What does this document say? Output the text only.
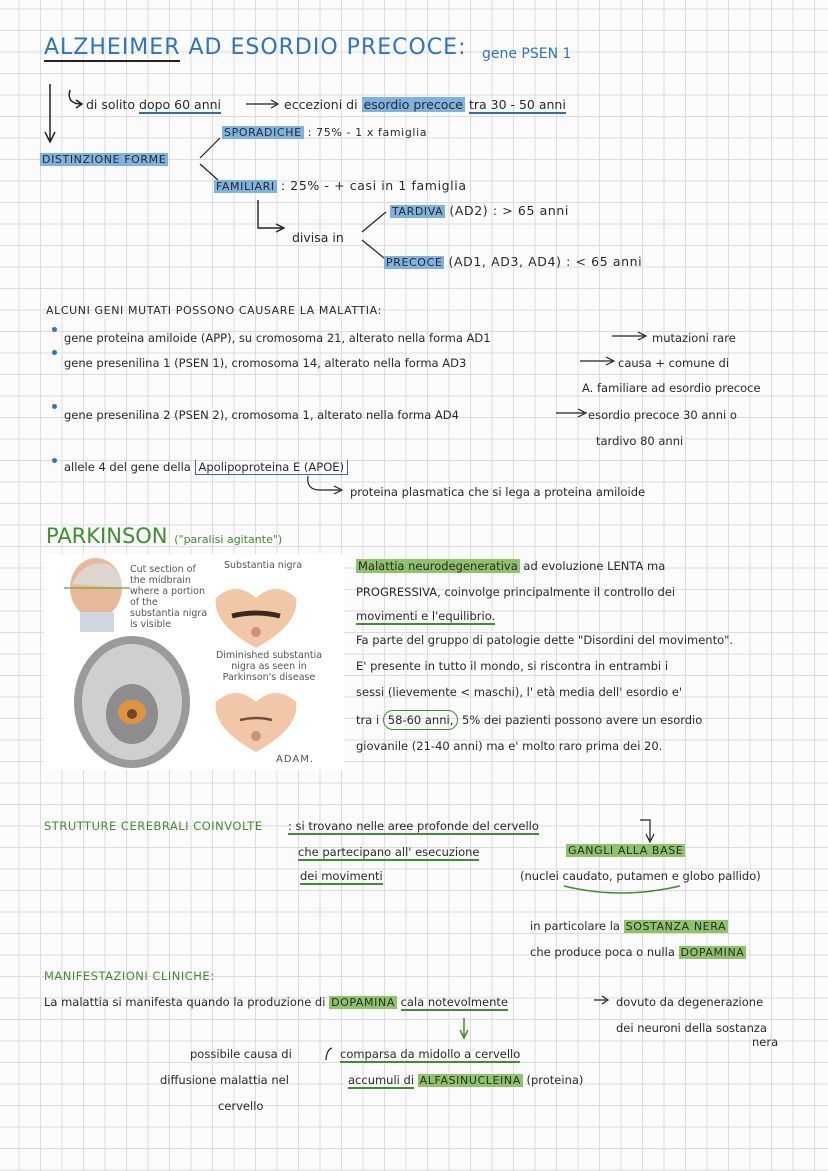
ALZHEIMER AD ESORDIO PRECOCE: gene PSEN 1
di solito dopo 60 anni	eccezioni di esordio precoce tra 30 - 50 anni
SPORADICHE : 75% - 1 x famiglia
DISTINZIONE FORME
FAMILIARI : 25% - + casi in 1 famiglia
divisa in
TARDIVA (AD2) : > 65 anni
PRECOCE (AD1, AD3, AD4) : < 65 anni
ALCUNI GENI MUTATI POSSONO CAUSARE LA MALATTIA:
gene proteina amiloide (APP), su cromosoma 21, alterato nella forma AD1	mutazioni rare
gene presenilina 1 (PSEN 1), cromosoma 14, alterato nella forma AD3	causa + comune di
A. familiare ad esordio precoce
gene presenilina 2 (PSEN 2), cromosoma 1, alterato nella forma AD4	esordio precoce 30 anni o
tardivo 80 anni
allele 4 del gene della Apolipoproteina E (APOE)
proteina plasmatica che si lega a proteina amiloide
PARKINSON ("paralisi agitante")
Cut section of the midbrain where a portion of the substantia nigra is visible
Substantia nigra
Diminished substantia nigra as seen in Parkinson's disease
ADAM.
Malattia neurodegenerativa ad evoluzione LENTA ma
PROGRESSIVA, coinvolge principalmente il controllo dei
movimenti e l'equilibrio.
Fa parte del gruppo di patologie dette "Disordini del movimento".
E' presente in tutto il mondo, si riscontra in entrambi i
sessi (lievemente < maschi), l' età media dell' esordio e'
tra i 58-60 anni, 5% dei pazienti possono avere un esordio
giovanile (21-40 anni) ma e' molto raro prima dei 20.
STRUTTURE CEREBRALI COINVOLTE : si trovano nelle aree profonde del cervello
che partecipano all' esecuzione
dei movimenti
GANGLI ALLA BASE
(nuclei caudato, putamen e globo pallido)
in particolare la SOSTANZA NERA
che produce poca o nulla DOPAMINA
MANIFESTAZIONI CLINICHE:
La malattia si manifesta quando la produzione di DOPAMINA cala notevolmente	dovuto da degenerazione
dei neuroni della sostanza
nera
possibile causa di
diffusione malattia nel
cervello
comparsa da midollo a cervello
accumuli di ALFASINUCLEINA (proteina)
